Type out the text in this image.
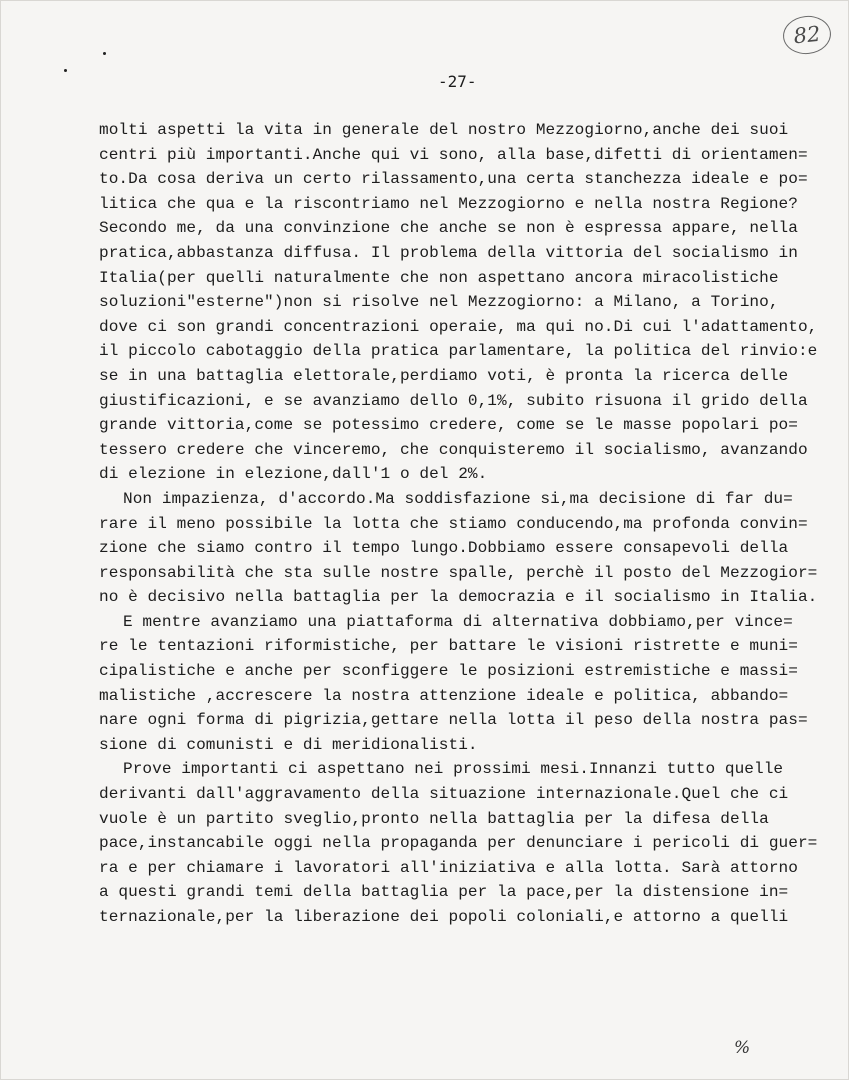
82
-27-
molti aspetti la vita in generale del nostro Mezzogiorno,anche dei suoi
centri più importanti.Anche qui vi sono, alla base,difetti di orientamen=
to.Da cosa deriva un certo rilassamento,una certa stanchezza ideale e po=
litica che qua e la riscontriamo nel Mezzogiorno e nella nostra Regione?
Secondo me, da una convinzione che anche se non è espressa appare, nella
pratica,abbastanza diffusa. Il problema della vittoria del socialismo in
Italia(per quelli naturalmente che non aspettano ancora miracolistiche
soluzioni"esterne")non si risolve nel Mezzogiorno: a Milano, a Torino,
dove ci son grandi concentrazioni operaie, ma qui no.Di cui l'adattamento,
il piccolo cabotaggio della pratica parlamentare, la politica del rinvio:e
se in una battaglia elettorale,perdiamo voti, è pronta la ricerca delle
giustificazioni, e se avanziamo dello 0,1%, subito risuona il grido della
grande vittoria,come se potessimo credere, come se le masse popolari po=
tessero credere che vinceremo, che conquisteremo il socialismo, avanzando
di elezione in elezione,dall'1 o del 2%.
Non impazienza, d'accordo.Ma soddisfazione si,ma decisione di far du=
rare il meno possibile la lotta che stiamo conducendo,ma profonda convin=
zione che siamo contro il tempo lungo.Dobbiamo essere consapevoli della
responsabilità che sta sulle nostre spalle, perchè il posto del Mezzogior=
no è decisivo nella battaglia per la democrazia e il socialismo in Italia.
E mentre avanziamo una piattaforma di alternativa dobbiamo,per vince=
re le tentazioni riformistiche, per battare le visioni ristrette e muni=
cipalistiche e anche per sconfiggere le posizioni estremistiche e massi=
malistiche ,accrescere la nostra attenzione ideale e politica, abbando=
nare ogni forma di pigrizia,gettare nella lotta il peso della nostra pas=
sione di comunisti e di meridionalisti.
Prove importanti ci aspettano nei prossimi mesi.Innanzi tutto quelle
derivanti dall'aggravamento della situazione internazionale.Quel che ci
vuole è un partito sveglio,pronto nella battaglia per la difesa della
pace,instancabile oggi nella propaganda per denunciare i pericoli di guer=
ra e per chiamare i lavoratori all'iniziativa e alla lotta. Sarà attorno
a questi grandi temi della battaglia per la pace,per la distensione in=
ternazionale,per la liberazione dei popoli coloniali,e attorno a quelli
%
